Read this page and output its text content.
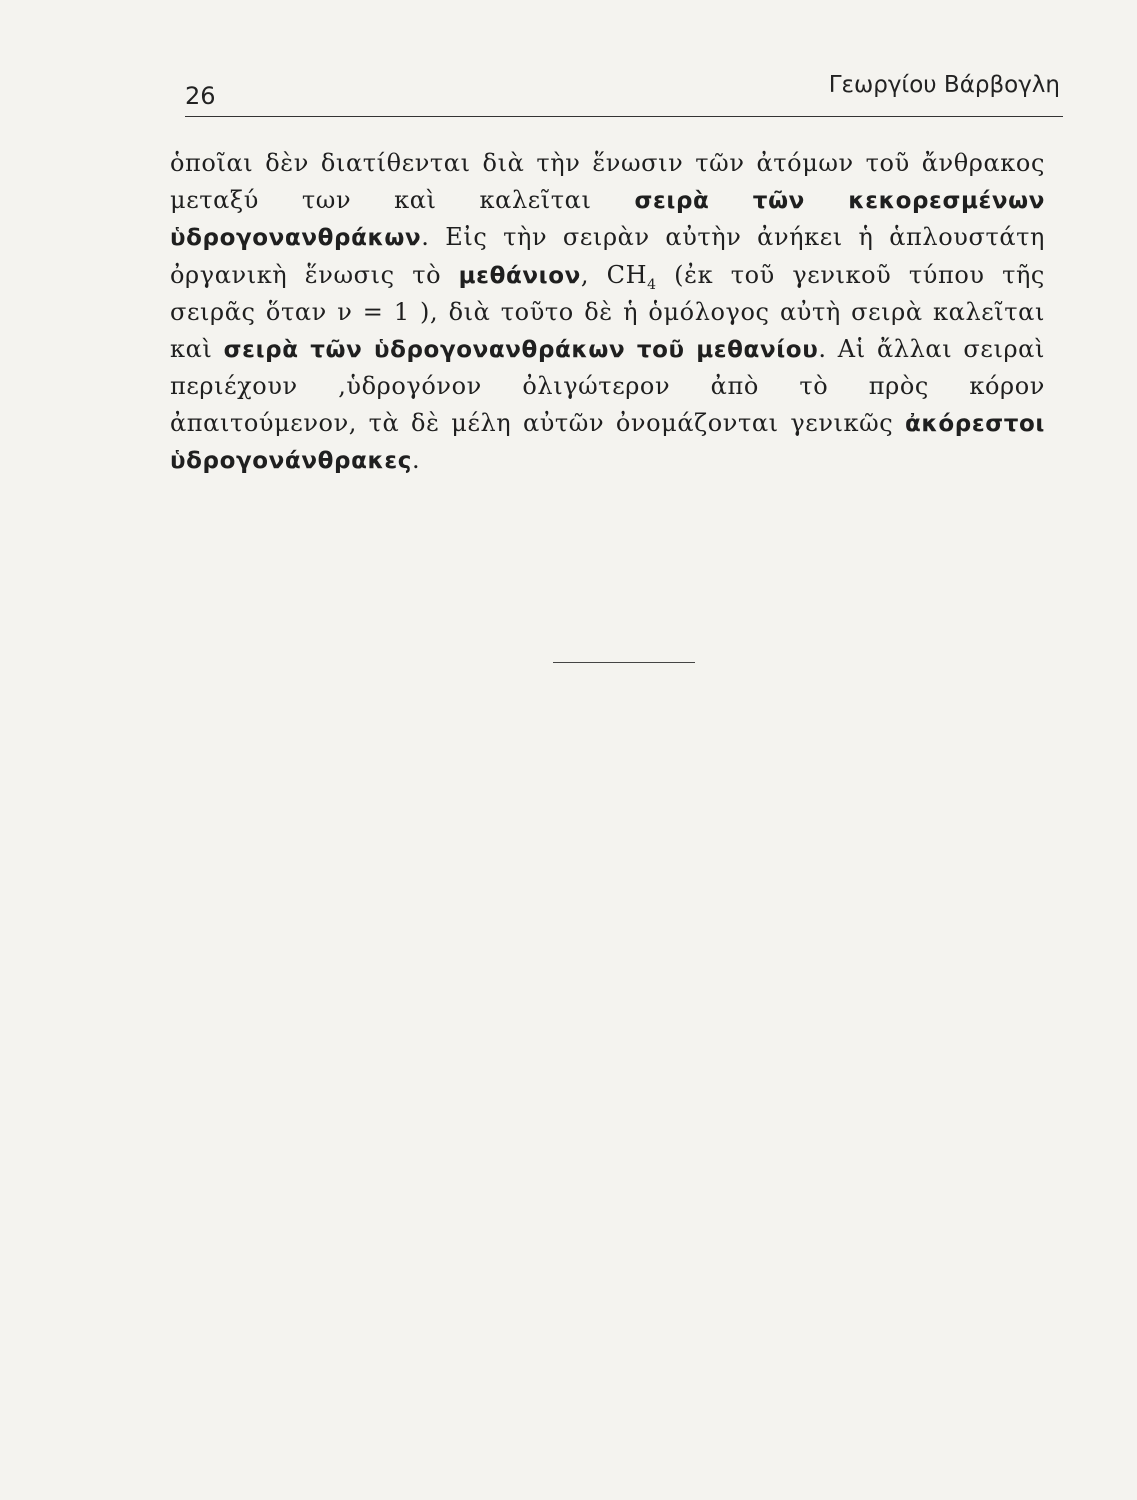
26	Γεωργίου Βάρβογλη
ὁποῖαι δὲν διατίθενται διὰ τὴν ἕνωσιν τῶν ἀτόμων τοῦ ἄνθρακος μεταξύ των καὶ καλεῖται σειρὰ τῶν κεκορεσμένων ὑδρογονανθράκων. Εἰς τὴν σειρὰν αὐτὴν ἀνήκει ἡ ἁπλουστάτη ὀργανικὴ ἕνωσις τὸ μεθάνιον, $CH_4$ (ἐκ τοῦ γενικοῦ τύπου τῆς σειρᾶς ὅταν ν = 1 ), διὰ τοῦτο δὲ ἡ ὁμόλογος αὐτὴ σειρὰ καλεῖται καὶ σειρὰ τῶν ὑδρογονανθράκων τοῦ μεθανίου. Αἱ ἄλλαι σειραὶ περιέχουν ,ὑδρογόνον ὀλιγώτερον ἀπὸ τὸ πρὸς κόρον ἀπαιτούμενον, τὰ δὲ μέλη αὐτῶν ὀνομάζονται γενικῶς ἀκόρεστοι ὑδρογονάνθρακες.
